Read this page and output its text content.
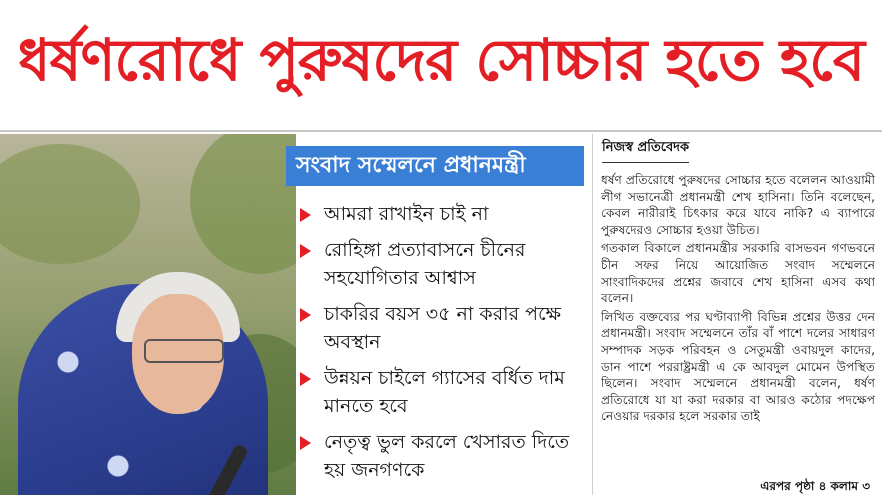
ধর্ষণরোধে পুরুষদের সোচ্চার হতে হবে
সংবাদ সম্মেলনে প্রধানমন্ত্রী
আমরা রাখাইন চাই না
রোহিঙ্গা প্রত্যাবাসনে চীনের সহযোগিতার আশ্বাস
চাকরির বয়স ৩৫ না করার পক্ষে অবস্থান
উন্নয়ন চাইলে গ্যাসের বর্ধিত দাম মানতে হবে
নেতৃত্ব ভুল করলে খেসারত দিতে হয় জনগণকে
নিজস্ব প্রতিবেদক

ধর্ষণ প্রতিরোধে পুরুষদের সোচ্চার হতে বলেলন আওয়ামী লীগ সভানেত্রী প্রধানমন্ত্রী শেখ হাসিনা। তিনি বলেছেন, কেবল নারীরাই চিৎকার করে যাবে নাকি? এ ব্যাপারে পুরুষদেরও সোচ্চার হওয়া উচিত।

গতকাল বিকালে প্রধানমন্ত্রীর সরকারি বাসভবন গণভবনে চীন সফর নিয়ে আয়োজিত সংবাদ সম্মেলনে সাংবাদিকদের প্রশ্নের জবাবে শেখ হাসিনা এসব কথা বলেন।

লিখিত বক্তব্যের পর ঘণ্টাব্যাপী বিভিন্ন প্রশ্নের উত্তর দেন প্রধানমন্ত্রী। সংবাদ সম্মেলনে তাঁর বাঁ পাশে দলের সাধারণ সম্পাদক সড়ক পরিবহন ও সেতুমন্ত্রী ওবায়দুল কাদের, ডান পাশে পররাষ্ট্রমন্ত্রী এ কে আবদুল মোমেন উপস্থিত ছিলেন। সংবাদ সম্মেলনে প্রধানমন্ত্রী বলেন, ধর্ষণ প্রতিরোধে যা যা করা দরকার বা আরও কঠোর পদক্ষেপ নেওয়ার দরকার হলে সরকার তাই

এরপর পৃষ্ঠা ৪ কলাম ৩
